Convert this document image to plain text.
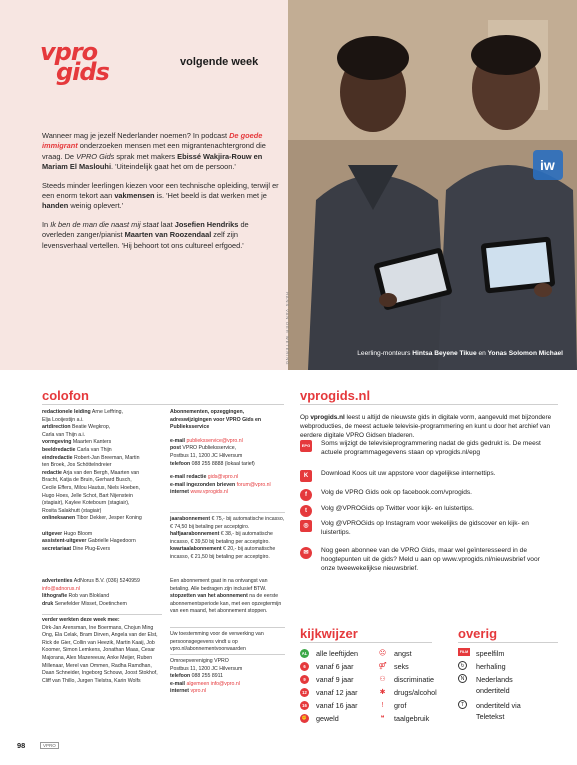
vpro
gids	volgende week

Wanneer mag je jezelf Nederlander noemen? In podcast De goede immigrant onderzoeken mensen met een migrantenachtergrond die vraag. De VPRO Gids sprak met makers Ebissé Wakjira-Rouw en Mariam El Maslouhi. 'Uiteindelijk gaat het om de persoon.'

Steeds minder leerlingen kiezen voor een technische opleiding, terwijl er een enorm tekort aan vakmensen is. 'Het beeld is dat werken met je handen weinig oplevert.'

In Ik ben de man die naast mij staat laat Josefien Hendriks de overleden zanger/pianist Maarten van Roozendaal zelf zijn levensverhaal vertellen. 'Hij behoort tot ons cultureel erfgoed.'

iw
HANS VAN DER WETERING	Leerling-monteurs Hintsa Beyene Tikue en Yonas Solomon Michael
colofon
redactionele leiding Arne Leffring,
Elja Looijestijn a.i.
artdirection Beatie Wegkrop,
Carla van Thijn a.i.
vormgeving Maarten Kanters
beeldredactie Carla van Thijn
eindredactie Robert-Jan Breeman, Martin
ten Broek, Jos Schöttelndreier
redactie Arja van den Bergh, Maarten van
Bracht, Katja de Bruin, Gerhard Busch,
Cecile Effers, Milou Hautus, Niels Hoeben,
Hugo Hoes, Jelle Schot, Bart Nijenstein
(stagiair), Kaylee Kotebourn (stagiair),
Rosita Salakhutt (stagiair)
onlineksanen Tibor Dekker, Jesper Koning

uitgever Hugo Bloom
assistent-uitgever Gabrielle Hagedoorn
secretariaat Dine Plug-Evers
advertenties AdNorus B.V. (036) 5240959
info@adnorus.nl
lithografie Rob van Blokland
druk Senefelder Misset, Doetinchem
verder werkten deze week mee:
Dirk-Jan Arensman, Ine Boermans, Chojun Ming Ong, Ela Celak, Bram Dirven, Angela van der Elst, Rick de Gier, Collin van Heezik, Martin Kaaij, Job Koomer, Simon Lemkens, Jonathan Maas, Cesar Majorana, Alex Mazereeuw, Anke Meijer, Ruben Millenaar, Merel van Ommen, Radha Ramdhan, Daan Schneider, Ingeborg Schouw, Joost Stokhof, Cliff van Thillo, Jurgen Tielstra, Karin Wolfs
Abonnementen, opzeggingen, adreswijzigingen voor VPRO Gids en Publieksservice
e-mail publieksservice@vpro.nl
post VPRO Publieksservice,
Postbus 11, 1200 JC Hilversum
telefoon 088 255 8888 (lokaal tarief)
e-mail redactie gids@vpro.nl
e-mail ingezonden brieven forum@vpro.nl
internet www.vprogids.nl
jaarabonnement € 75,- bij automatische incasso, € 74,50 bij betaling per acceptgiro.
halfjaarabonnement € 38,- bij automatische incasso, € 39,50 bij betaling per acceptgiro.
kwartaalabonnement € 20,- bij automatische incasso, € 21,50 bij betaling per acceptgiro.
Een abonnement gaat in na ontvangst van betaling. Alle bedragen zijn inclusief BTW.
stopzetten van het abonnement na de eerste abonnementsperiode kan, met een opzegtermijn van een maand, het abonnement stoppen.
Uw toestemming voor de verwerking van persoonsgegevens vindt u op vpro.nl/abonnementvoorwaarden
Omroepvereniging VPRO
Postbus 11, 1200 JC Hilversum
telefoon 088 255 8911
e-mail algemeen info@vpro.nl
internet vpro.nl
vprogids.nl
Op vprogids.nl leest u altijd de nieuwste gids in digitale vorm, aangevuld met bijzondere webproducties, de meest actuele televisie-programmering en kunt u door het archief van eerdere digitale VPRO Gidsen bladeren.
EPG Soms wijzigt de televisieprogrammering nadat de gids gedrukt is. De meest actuele programmagegevens staan op vprogids.nl/epg
K	Download Koos uit uw appstore voor dagelijkse internettips.
f	Volg de VPRO Gids ook op facebook.com/vprogids.
t	Volg @VPROGids op Twitter voor kijk- en luistertips.
◎	Volg @VPROGids op Instagram voor wekelijks de gidscover en kijk- en luistertips.
✉	Nog geen abonnee van de VPRO Gids, maar wel geïnteresseerd in de hoogtepunten uit de gids? Meld u aan op www.vprogids.nl/nieuwsbrief voor onze tweewekelijkse nieuwsbrief.
kijkwijzer
AL alle leeftijden
6	vanaf 6 jaar
9	vanaf 9 jaar
12	vanaf 12 jaar
16	vanaf 16 jaar
✊ geweld
☹ angst
⚤ seks
⚇ discriminatie
✱ drugs/alcohol
!	grof
❝	taalgebruik
overig
FILM speelfilm
↻	herhaling
N	Nederlands ondertiteld
T	ondertiteld via Teletekst
98	VPRO
